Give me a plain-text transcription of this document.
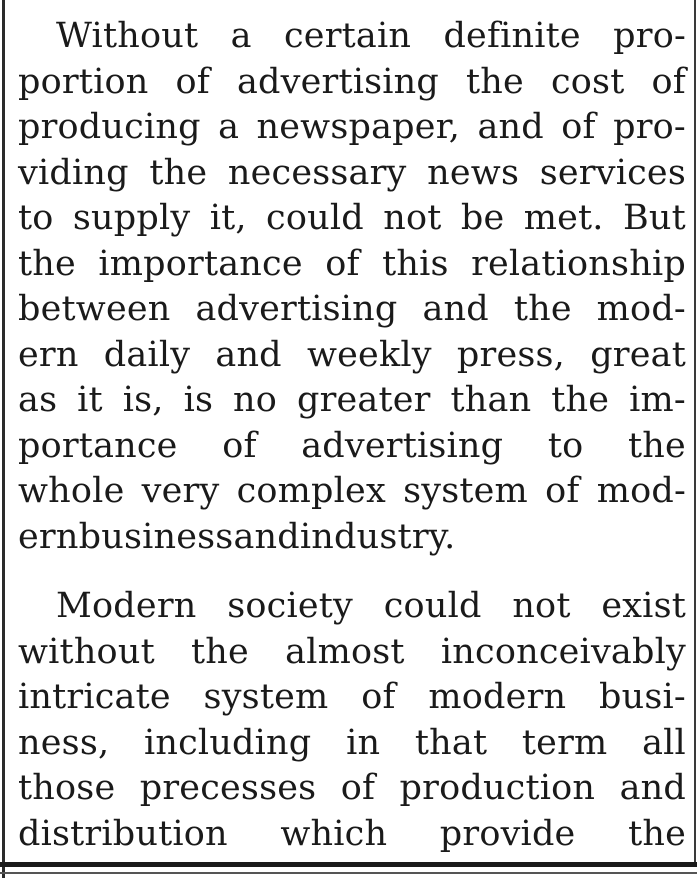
Without a certain definite pro-
portion of advertising the cost of
producing a newspaper, and of pro-
viding the necessary news services
to supply it, could not be met. But
the importance of this relationship
between advertising and the mod-
ern daily and weekly press, great
as it is, is no greater than the im-
portance of advertising to the
whole very complex system of mod-
ern business and industry.
Modern society could not exist
without the almost inconceivably
intricate system of modern busi-
ness, including in that term all
those precesses of production and
distribution which provide the
